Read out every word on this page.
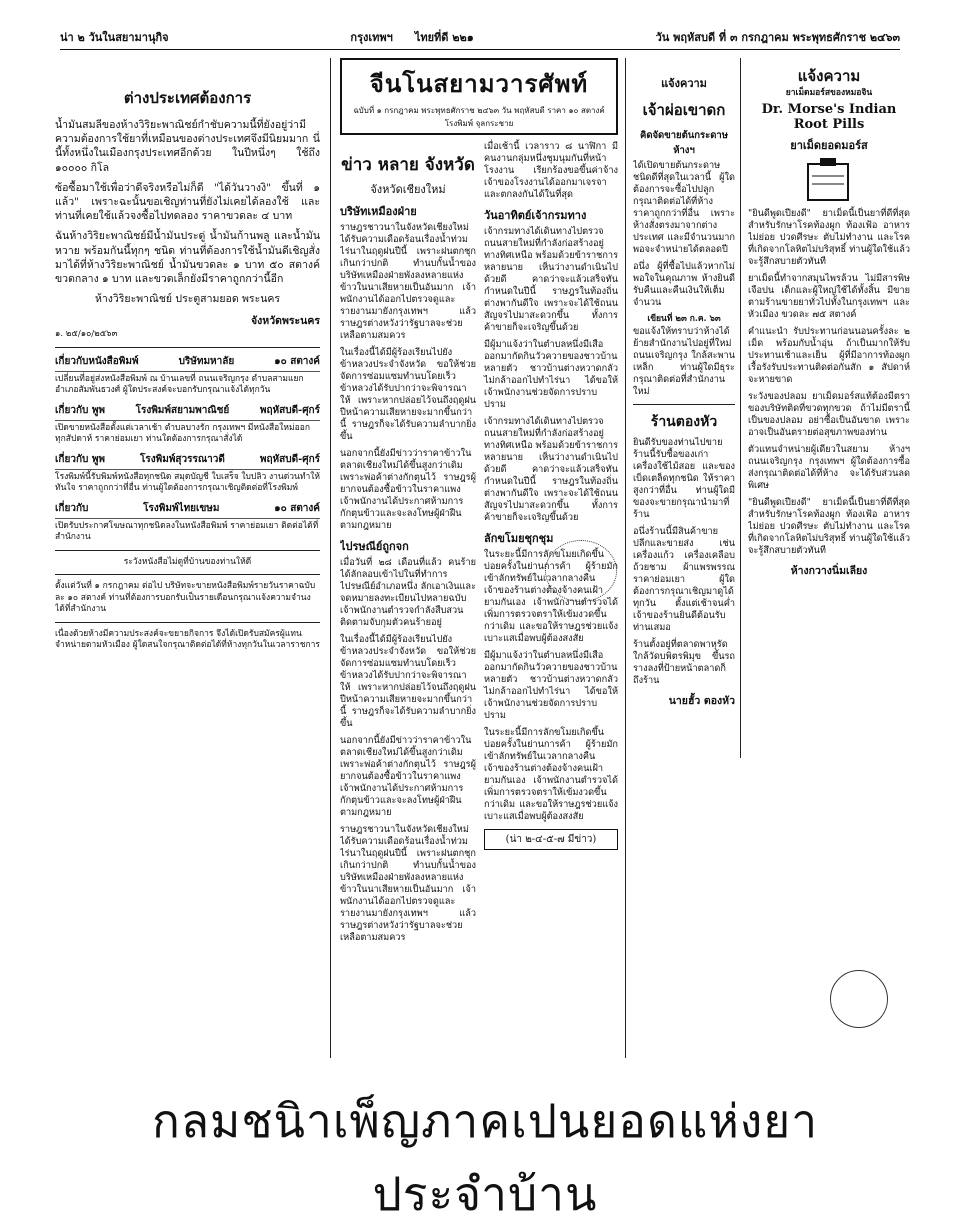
น่า ๒ วันในสยามานุกิจ	กรุงเทพฯ ไทยที่ดี ๒๒๑	วัน พฤหัสบดี ที่ ๓ กรกฎาคม พระพุทธศักราช ๒๔๖๓
ต่างประเทศต้องการ

น้ำมันสมลีของห้างวิริยะพาณิชย์กำชับความนี้ที่ยังอยู่ว่ามีความต้องการใช้ยาที่เหมือนของต่างประเทศจึงมีนิยมมาก นี่นี้ทั้งหนึ่งในเมืองกรุงประเทศอีกด้วย ในปีหนึ่งๆ ใช้ถึง ๑๐๐๐๐ กิโล

ซ้อซื้อมาใช้เพื่อว่าดีจริงหรือไม่ก็ดี "ได้วันวางงิ" ขึ้นที่ ๑ แล้ว" เพราะฉะนั้นขอเชิญท่านที่ยังไม่เคยได้ลองใช้ และท่านที่เคยใช้แล้วจงซื้อไปทดลอง ราคาขวดละ ๔ บาท

ฉันห้างวิริยะพาณิชย์มีน้ำมันประดู่ น้ำมันก้านพลู และน้ำมันหวาย พร้อมกันนี้ทุกๆ ชนิด ท่านที่ต้องการใช้น้ำมันดีเชิญสั่งมาได้ที่ห้างวิริยะพาณิชย์ น้ำมันขวดละ ๑ บาท ๕๐ สตางค์ ขวดกลาง ๑ บาท และขวดเล็กยังมีราคาถูกกว่านี้อีก

ห้างวิริยะพาณิชย์ ประตูสามยอด พระนคร

จังหวัดพระนคร

๑. ๒๕/๑๐/๒๕๖๓

เกี่ยวกับหนังสือพิมพ์	บริษัทมหาลัย	๑๐ สตางค์

เปลี่ยนที่อยู่ส่งหนังสือพิมพ์ ณ บ้านเลขที่ ถนนเจริญกรุง ตำบลสามแยก อำเภอสัมพันธวงศ์ ผู้ใดประสงค์จะบอกรับกรุณาแจ้งได้ทุกวัน

เกี่ยวกับ พูพ	โรงพิมพ์สยามพาณิชย์	พฤหัสบดี-ศุกร์

เปิดขายหนังสือตั้งแต่เวลาเช้า ตำบลบางรัก กรุงเทพฯ มีหนังสือใหม่ออกทุกสัปดาห์ ราคาย่อมเยา ท่านใดต้องการกรุณาสั่งได้

เกี่ยวกับ พูพ	โรงพิมพ์สุวรรณาวดี	พฤหัสบดี-ศุกร์

โรงพิมพ์นี้รับพิมพ์หนังสือทุกชนิด สมุดบัญชี ใบเสร็จ ใบปลิว งานด่วนทำให้ทันใจ ราคาถูกกว่าที่อื่น ท่านผู้ใดต้องการกรุณาเชิญติดต่อที่โรงพิมพ์

เกี่ยวกับ	โรงพิมพ์ไทยเขษม	๑๐ สตางค์

เปิดรับประกาศโฆษณาทุกชนิดลงในหนังสือพิมพ์ ราคาย่อมเยา ติดต่อได้ที่สำนักงาน

ระวังหนังสือไม่ดูที่บ้านของท่านให้ดี

ตั้งแต่วันที่ ๑ กรกฎาคม ต่อไป บริษัทจะขายหนังสือพิมพ์รายวันราคาฉบับละ ๑๐ สตางค์ ท่านที่ต้องการบอกรับเป็นรายเดือนกรุณาแจ้งความจำนงได้ที่สำนักงาน

เนื่องด้วยห้างมีความประสงค์จะขยายกิจการ จึงได้เปิดรับสมัครผู้แทนจำหน่ายตามหัวเมือง ผู้ใดสนใจกรุณาติดต่อได้ที่ห้างทุกวันในเวลาราชการ

จีนโนสยามวารศัพท์
ฉบับที่ ๑ กรกฎาคม พระพุทธศักราช ๒๔๖๓ วัน พฤหัสบดี ราคา ๑๐ สตางค์
โรงพิมพ์ จุลกระชาย
ข่าว หลาย จังหวัด
จังหวัดเชียงใหม่
บริษัทเหมืองฝ่าย

ราษฎรชาวนาในจังหวัดเชียงใหม่ได้รับความเดือดร้อนเรื่องน้ำท่วมไร่นาในฤดูฝนปีนี้ เพราะฝนตกชุกเกินกว่าปกติ ทำนบกั้นน้ำของบริษัทเหมืองฝ่ายพังลงหลายแห่ง ข้าวในนาเสียหายเป็นอันมาก เจ้าพนักงานได้ออกไปตรวจดูและรายงานมายังกรุงเทพฯ แล้ว ราษฎรต่างหวังว่ารัฐบาลจะช่วยเหลือตามสมควร

ในเรื่องนี้ได้มีผู้ร้องเรียนไปยังข้าหลวงประจำจังหวัด ขอให้ช่วยจัดการซ่อมแซมทำนบโดยเร็ว ข้าหลวงได้รับปากว่าจะพิจารณาให้ เพราะหากปล่อยไว้จนถึงฤดูฝนปีหน้าความเสียหายจะมากขึ้นกว่านี้ ราษฎรก็จะได้รับความลำบากยิ่งขึ้น

นอกจากนี้ยังมีข่าวว่าราคาข้าวในตลาดเชียงใหม่ได้ขึ้นสูงกว่าเดิม เพราะพ่อค้าต่างกักตุนไว้ ราษฎรผู้ยากจนต้องซื้อข้าวในราคาแพง เจ้าพนักงานได้ประกาศห้ามการกักตุนข้าวและจะลงโทษผู้ฝ่าฝืนตามกฎหมาย

ไปรษณีย์ถูกจก

เมื่อวันที่ ๒๘ เดือนที่แล้ว คนร้ายได้ลักลอบเข้าไปในที่ทำการไปรษณีย์อำเภอหนึ่ง ลักเอาเงินและจดหมายลงทะเบียนไปหลายฉบับ เจ้าพนักงานตำรวจกำลังสืบสวนติดตามจับกุมตัวคนร้ายอยู่

ในเรื่องนี้ได้มีผู้ร้องเรียนไปยังข้าหลวงประจำจังหวัด ขอให้ช่วยจัดการซ่อมแซมทำนบโดยเร็ว ข้าหลวงได้รับปากว่าจะพิจารณาให้ เพราะหากปล่อยไว้จนถึงฤดูฝนปีหน้าความเสียหายจะมากขึ้นกว่านี้ ราษฎรก็จะได้รับความลำบากยิ่งขึ้น

นอกจากนี้ยังมีข่าวว่าราคาข้าวในตลาดเชียงใหม่ได้ขึ้นสูงกว่าเดิม เพราะพ่อค้าต่างกักตุนไว้ ราษฎรผู้ยากจนต้องซื้อข้าวในราคาแพง เจ้าพนักงานได้ประกาศห้ามการกักตุนข้าวและจะลงโทษผู้ฝ่าฝืนตามกฎหมาย

ราษฎรชาวนาในจังหวัดเชียงใหม่ได้รับความเดือดร้อนเรื่องน้ำท่วมไร่นาในฤดูฝนปีนี้ เพราะฝนตกชุกเกินกว่าปกติ ทำนบกั้นน้ำของบริษัทเหมืองฝ่ายพังลงหลายแห่ง ข้าวในนาเสียหายเป็นอันมาก เจ้าพนักงานได้ออกไปตรวจดูและรายงานมายังกรุงเทพฯ แล้ว ราษฎรต่างหวังว่ารัฐบาลจะช่วยเหลือตามสมควร

เมื่อเช้านี้ เวลาราว ๘ นาฬิกา มีคนงานกลุ่มหนึ่งชุมนุมกันที่หน้าโรงงาน เรียกร้องขอขึ้นค่าจ้าง เจ้าของโรงงานได้ออกมาเจรจาและตกลงกันได้ในที่สุด

วันอาทิตย์เจ้ากรมทาง

เจ้ากรมทางได้เดินทางไปตรวจถนนสายใหม่ที่กำลังก่อสร้างอยู่ทางทิศเหนือ พร้อมด้วยข้าราชการหลายนาย เห็นว่างานดำเนินไปด้วยดี คาดว่าจะแล้วเสร็จทันกำหนดในปีนี้ ราษฎรในท้องถิ่นต่างพากันดีใจ เพราะจะได้ใช้ถนนสัญจรไปมาสะดวกขึ้น ทั้งการค้าขายก็จะเจริญขึ้นด้วย

มีผู้มาแจ้งว่าในตำบลหนึ่งมีเสือออกมากัดกินวัวควายของชาวบ้านหลายตัว ชาวบ้านต่างหวาดกลัวไม่กล้าออกไปทำไร่นา ได้ขอให้เจ้าพนักงานช่วยจัดการปราบปราม

เจ้ากรมทางได้เดินทางไปตรวจถนนสายใหม่ที่กำลังก่อสร้างอยู่ทางทิศเหนือ พร้อมด้วยข้าราชการหลายนาย เห็นว่างานดำเนินไปด้วยดี คาดว่าจะแล้วเสร็จทันกำหนดในปีนี้ ราษฎรในท้องถิ่นต่างพากันดีใจ เพราะจะได้ใช้ถนนสัญจรไปมาสะดวกขึ้น ทั้งการค้าขายก็จะเจริญขึ้นด้วย

ลักขโมยชุกชุม

ในระยะนี้มีการลักขโมยเกิดขึ้นบ่อยครั้งในย่านการค้า ผู้ร้ายมักเข้าลักทรัพย์ในเวลากลางคืน เจ้าของร้านต่างต้องจ้างคนเฝ้ายามกันเอง เจ้าพนักงานตำรวจได้เพิ่มการตรวจตราให้เข้มงวดขึ้นกว่าเดิม และขอให้ราษฎรช่วยแจ้งเบาะแสเมื่อพบผู้ต้องสงสัย

มีผู้มาแจ้งว่าในตำบลหนึ่งมีเสือออกมากัดกินวัวควายของชาวบ้านหลายตัว ชาวบ้านต่างหวาดกลัวไม่กล้าออกไปทำไร่นา ได้ขอให้เจ้าพนักงานช่วยจัดการปราบปราม

ในระยะนี้มีการลักขโมยเกิดขึ้นบ่อยครั้งในย่านการค้า ผู้ร้ายมักเข้าลักทรัพย์ในเวลากลางคืน เจ้าของร้านต่างต้องจ้างคนเฝ้ายามกันเอง เจ้าพนักงานตำรวจได้เพิ่มการตรวจตราให้เข้มงวดขึ้นกว่าเดิม และขอให้ราษฎรช่วยแจ้งเบาะแสเมื่อพบผู้ต้องสงสัย

(น่า ๒-๔-๕-๗ มีข่าว)
แจ้งความ
เจ้าผ่อเขาดก
คิดจัดขายต้นกระดาษ ห้างฯ

ได้เปิดขายต้นกระดาษชนิดดีที่สุดในเวลานี้ ผู้ใดต้องการจะซื้อไปปลูกกรุณาติดต่อได้ที่ห้าง ราคาถูกกว่าที่อื่น เพราะห้างสั่งตรงมาจากต่างประเทศ และมีจำนวนมากพอจะจำหน่ายได้ตลอดปี

อนึ่ง ผู้ที่ซื้อไปแล้วหากไม่พอใจในคุณภาพ ห้างยินดีรับคืนและคืนเงินให้เต็มจำนวน

เขียนที่ ๒๓ ก.ค. ๖๓

ขอแจ้งให้ทราบว่าห้างได้ย้ายสำนักงานไปอยู่ที่ใหม่ ถนนเจริญกรุง ใกล้สะพานเหล็ก ท่านผู้ใดมีธุระกรุณาติดต่อที่สำนักงานใหม่

ร้านตองหัว

ยินดีรับของท่านไปขาย ร้านนี้รับซื้อของเก่า เครื่องใช้ไม้สอย และของเบ็ดเตล็ดทุกชนิด ให้ราคาสูงกว่าที่อื่น ท่านผู้ใดมีของจะขายกรุณานำมาที่ร้าน

อนึ่งร้านนี้มีสินค้าขายปลีกและขายส่ง เช่น เครื่องแก้ว เครื่องเคลือบ ถ้วยชาม ผ้าแพรพรรณ ราคาย่อมเยา ผู้ใดต้องการกรุณาเชิญมาดูได้ทุกวัน ตั้งแต่เช้าจนค่ำ เจ้าของร้านยินดีต้อนรับท่านเสมอ

ร้านตั้งอยู่ที่ตลาดพาหุรัด ใกล้วัดบพิตรพิมุข ขึ้นรถรางลงที่ป้ายหน้าตลาดก็ถึงร้าน

นายฮั้ว ตองหัว

แจ้งความ
ยาเม็ดมอร์สของหมอจิน
Dr. Morse's Indian Root Pills
ยาเม็ดยอดมอร์ส

"ยินดีพูดเปียงดี" ยาเม็ดนี้เป็นยาที่ดีที่สุดสำหรับรักษาโรคท้องผูก ท้องเฟ้อ อาหารไม่ย่อย ปวดศีรษะ ตับไม่ทำงาน และโรคที่เกิดจากโลหิตไม่บริสุทธิ์ ท่านผู้ใดใช้แล้วจะรู้สึกสบายตัวทันที

ยาเม็ดนี้ทำจากสมุนไพรล้วน ไม่มีสารพิษเจือปน เด็กและผู้ใหญ่ใช้ได้ทั้งสิ้น มีขายตามร้านขายยาทั่วไปทั้งในกรุงเทพฯ และหัวเมือง ขวดละ ๗๕ สตางค์

คำแนะนำ รับประทานก่อนนอนครั้งละ ๒ เม็ด พร้อมกับน้ำอุ่น ถ้าเป็นมากให้รับประทานเช้าและเย็น ผู้ที่มีอาการท้องผูกเรื้อรังรับประทานติดต่อกันสัก ๑ สัปดาห์จะหายขาด

ระวังของปลอม ยาเม็ดมอร์สแท้ต้องมีตราของบริษัทติดที่ขวดทุกขวด ถ้าไม่มีตรานี้เป็นของปลอม อย่าซื้อเป็นอันขาด เพราะอาจเป็นอันตรายต่อสุขภาพของท่าน

ตัวแทนจำหน่ายผู้เดียวในสยาม ห้างฯ ถนนเจริญกรุง กรุงเทพฯ ผู้ใดต้องการซื้อส่งกรุณาติดต่อได้ที่ห้าง จะได้รับส่วนลดพิเศษ

"ยินดีพูดเปียงดี" ยาเม็ดนี้เป็นยาที่ดีที่สุดสำหรับรักษาโรคท้องผูก ท้องเฟ้อ อาหารไม่ย่อย ปวดศีรษะ ตับไม่ทำงาน และโรคที่เกิดจากโลหิตไม่บริสุทธิ์ ท่านผู้ใดใช้แล้วจะรู้สึกสบายตัวทันที

ห้างกวางนิ่มเลียง

กลมชนิาเพ็ญภาคเปนยอดแห่งยาประจำบ้าน
